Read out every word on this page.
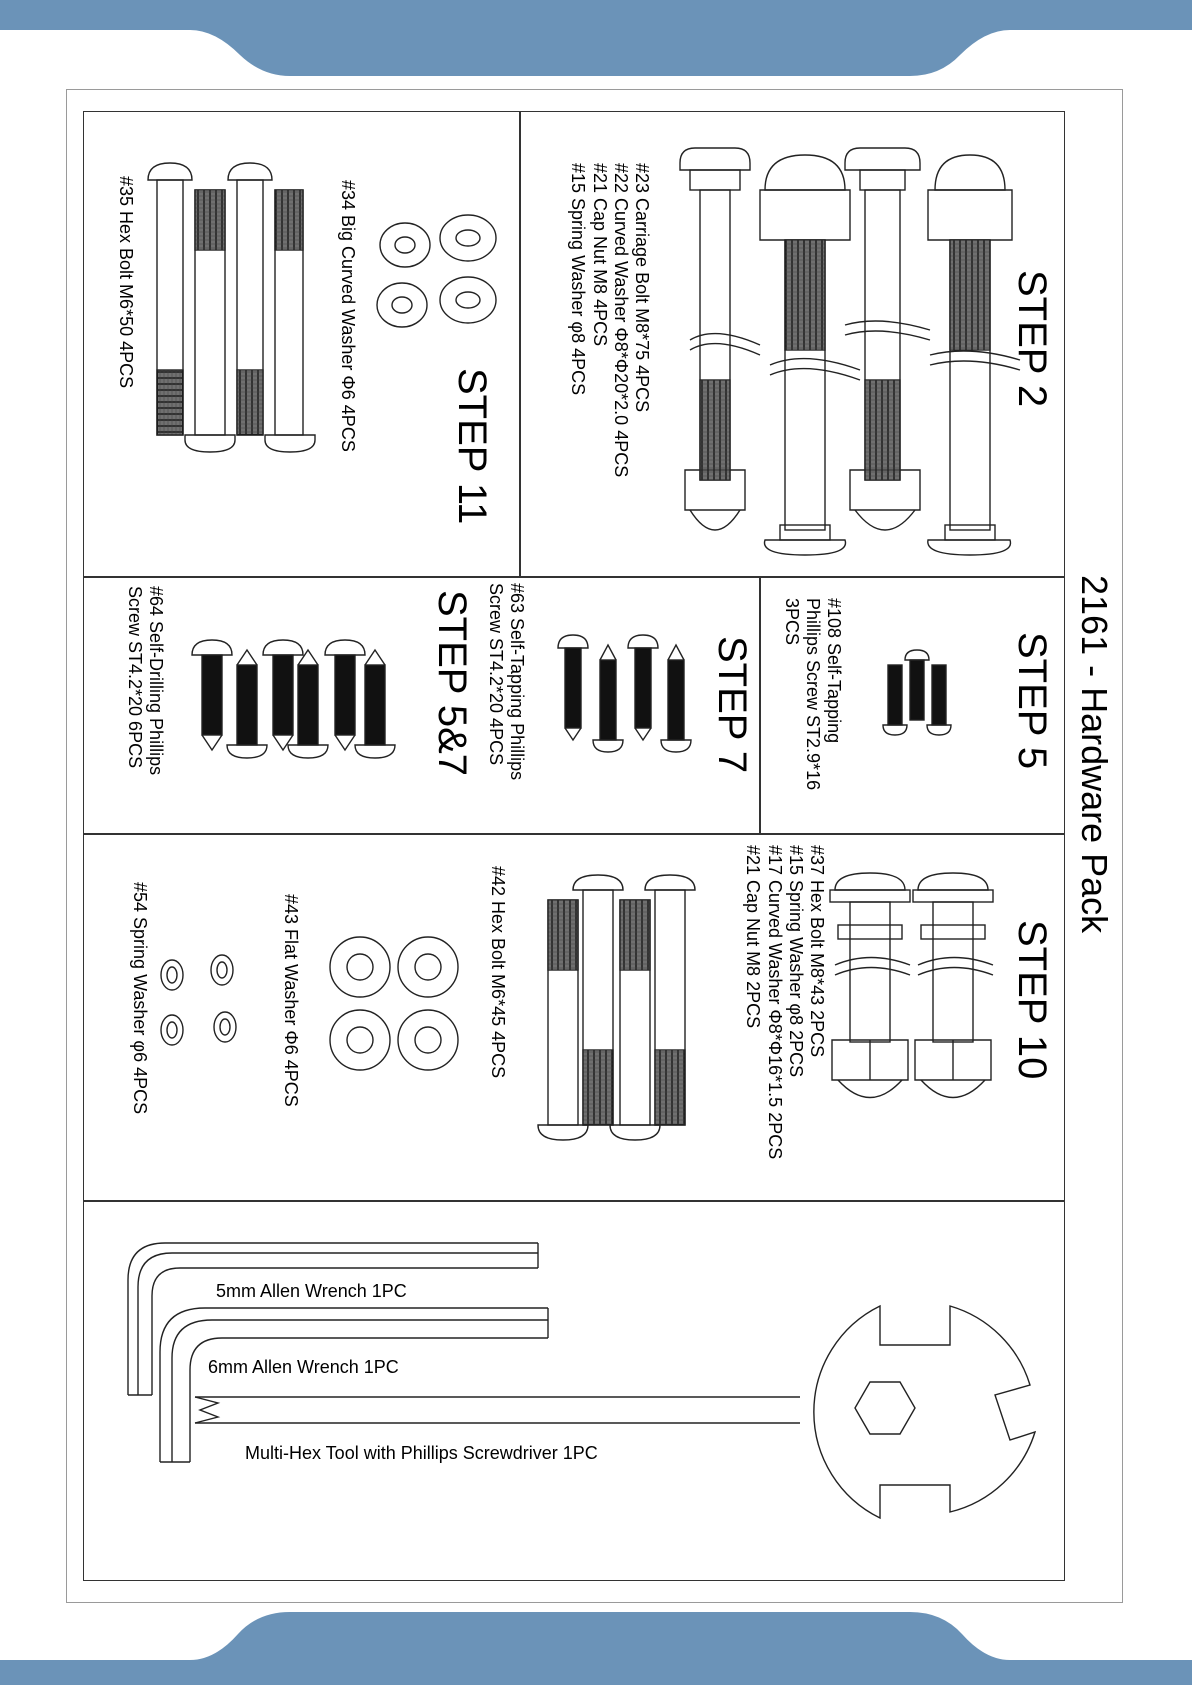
2161 - Hardware Pack
STEP 2
#23 Carriage Bolt M8*75 4PCS
#22 Curved Washer Φ8*Φ20*2.0 4PCS
#21 Cap Nut M8 4PCS
#15 Spring Washer φ8 4PCS
STEP 11
#34 Big Curved Washer Φ6 4PCS
#35 Hex Bolt M6*50 4PCS
STEP 5
#108 Self-Tapping
Phillips Screw ST2.9*16
3PCS
STEP 7
#63 Self-Tapping Phillips
Screw ST4.2*20 4PCS
STEP 5&7
#64 Self-Drilling Phillips
Screw ST4.2*20 6PCS
STEP 10
#37 Hex Bolt M8*43 2PCS
#15 Spring Washer φ8 2PCS
#17 Curved Washer Φ8*Φ16*1.5 2PCS
#21 Cap Nut M8 2PCS
#42 Hex Bolt M6*45 4PCS
#43 Flat Washer Φ6 4PCS
#54 Spring Washer φ6 4PCS
5mm Allen Wrench 1PC
6mm Allen Wrench 1PC
Multi-Hex Tool with Phillips Screwdriver 1PC
